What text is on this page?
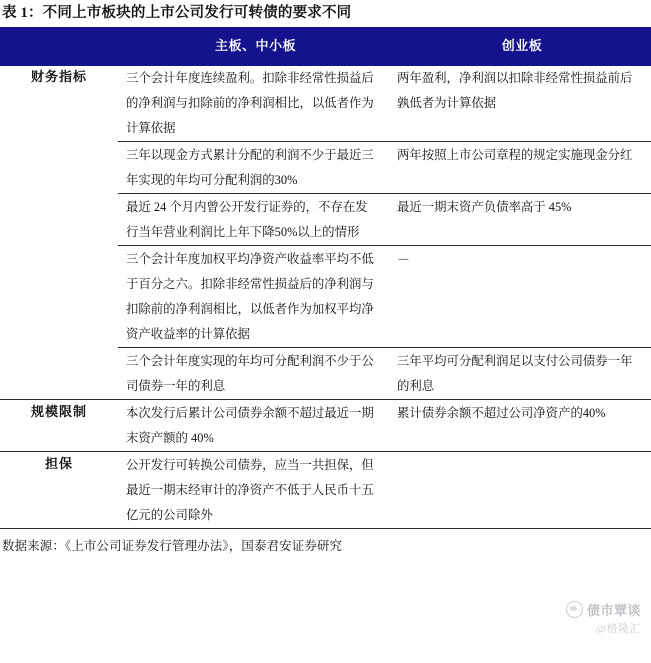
表 1：不同上市板块的上市公司发行可转债的要求不同
	主板、中小板	创业板

财务指标	三个会计年度连续盈利。扣除非经常性损益后的净利润与扣除前的净利润相比，以低者作为计算依据	两年盈利，净利润以扣除非经常性损益前后孰低者为计算依据

	三年以现金方式累计分配的利润不少于最近三年实现的年均可分配利润的30%	两年按照上市公司章程的规定实施现金分红

	最近 24 个月内曾公开发行证券的，不存在发行当年营业利润比上年下降50%以上的情形	最近一期末资产负债率高于 45%

	三个会计年度加权平均净资产收益率平均不低于百分之六。扣除非经常性损益后的净利润与扣除前的净利润相比，以低者作为加权平均净资产收益率的计算依据	－

	三个会计年度实现的年均可分配利润不少于公司债券一年的利息	三年平均可分配利润足以支付公司债券一年的利息

规模限制	本次发行后累计公司债券余额不超过最近一期末资产额的 40%	累计债券余额不超过公司净资产的40%

担保	公开发行可转换公司债券，应当一共担保，但最近一期末经审计的净资产不低于人民币十五亿元的公司除外	
数据来源：《上市公司证券发行管理办法》，国泰君安证券研究
债市覃谈
@格隆汇
